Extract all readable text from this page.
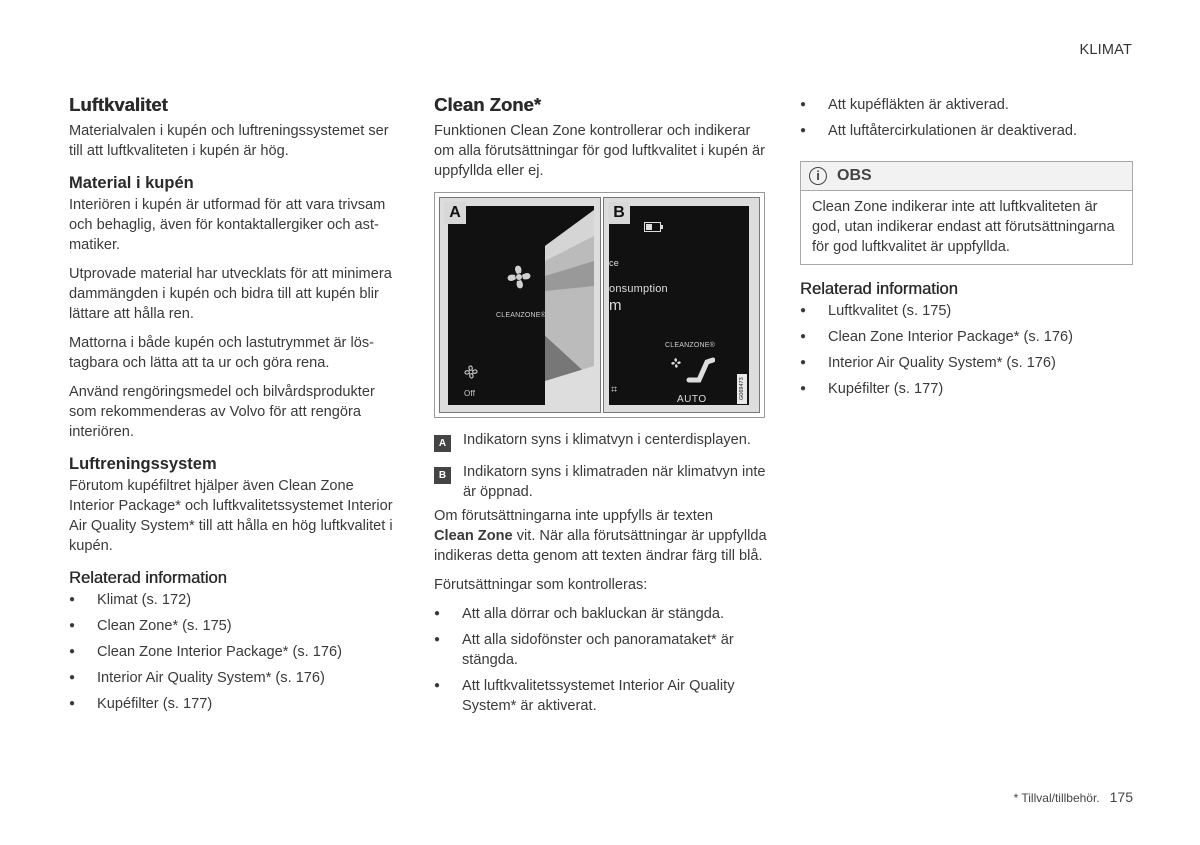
KLIMAT
Luftkvalitet

Materialvalen i kupén och luftreningssystemet ser till att luftkvaliteten i kupén är hög.

Material i kupén

Interiören i kupén är utformad för att vara trivsam och behaglig, även för kontaktallergiker och astmatiker.

Utprovade material har utvecklats för att minimera dammängden i kupén och bidra till att kupén blir lättare att hålla ren.

Mattorna i både kupén och lastutrymmet är löstagbara och lätta att ta ur och göra rena.

Använd rengöringsmedel och bilvårdsprodukter som rekommenderas av Volvo för att rengöra interiören.

Luftreningssystem

Förutom kupéfiltret hjälper även Clean Zone Interior Package* och luftkvalitetssystemet Interior Air Quality System* till att hålla en hög luftkvalitet i kupén.

Relaterad information
● Klimat (s. 172)
● Clean Zone* (s. 175)
● Clean Zone Interior Package* (s. 176)
● Interior Air Quality System* (s. 176)
● Kupéfilter (s. 177)
Clean Zone*

Funktionen Clean Zone kontrollerar och indikerar om alla förutsättningar för god luftkvalitet i kupén är uppfyllda eller ej.

CLEANZONE®
Off
A
ce
onsumption
m
CLEANZONE®
⌗
AUTO	G069473
B
A	Indikatorn syns i klimatvyn i centerdisplayen.
B	Indikatorn syns i klimatraden när klimatvyn inte är öppnad.

Om förutsättningarna inte uppfylls är texten
Clean Zone vit. När alla förutsättningar är uppfyllda indikeras detta genom att texten ändrar färg till blå.

Förutsättningar som kontrolleras:

● Att alla dörrar och bakluckan är stängda.
● Att alla sidofönster och panoramataket* är stängda.
● Att luftkvalitetssystemet Interior Air Quality System* är aktiverat.
● Att kupéfläkten är aktiverad.
● Att luftåtercirkulationen är deaktiverad.
i	OBS
Clean Zone indikerar inte att luftkvaliteten är god, utan indikerar endast att förutsättningarna för god luftkvalitet är uppfyllda.
Relaterad information
● Luftkvalitet (s. 175)
● Clean Zone Interior Package* (s. 176)
● Interior Air Quality System* (s. 176)
● Kupéfilter (s. 177)
* Tillval/tillbehör. 175
